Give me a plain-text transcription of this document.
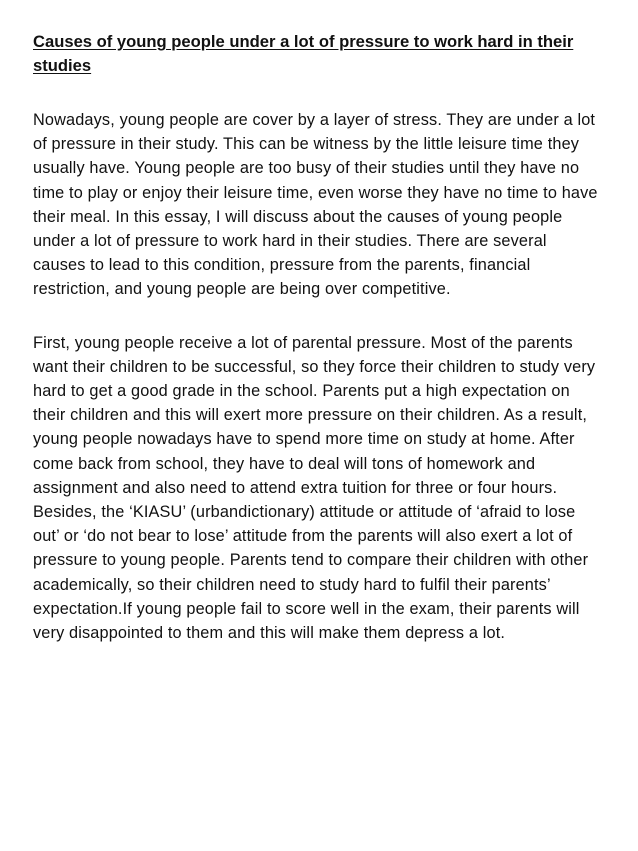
Causes of young people under a lot of pressure to work hard in their studies

Nowadays, young people are cover by a layer of stress. They are under a lot of pressure in their study. This can be witness by the little leisure time they usually have. Young people are too busy of their studies until they have no time to play or enjoy their leisure time, even worse they have no time to have their meal. In this essay, I will discuss about the causes of young people under a lot of pressure to work hard in their studies. There are several causes to lead to this condition, pressure from the parents, financial restriction, and young people are being over competitive.

First, young people receive a lot of parental pressure. Most of the parents want their children to be successful, so they force their children to study very hard to get a good grade in the school. Parents put a high expectation on their children and this will exert more pressure on their children. As a result, young people nowadays have to spend more time on study at home. After come back from school, they have to deal will tons of homework and assignment and also need to attend extra tuition for three or four hours. Besides, the ‘KIASU’ (urbandictionary) attitude or attitude of ‘afraid to lose out’ or ‘do not bear to lose’ attitude from the parents will also exert a lot of pressure to young people. Parents tend to compare their children with other academically, so their children need to study hard to fulfil their parents’ expectation.If young people fail to score well in the exam, their parents will very disappointed to them and this will make them depress a lot.
